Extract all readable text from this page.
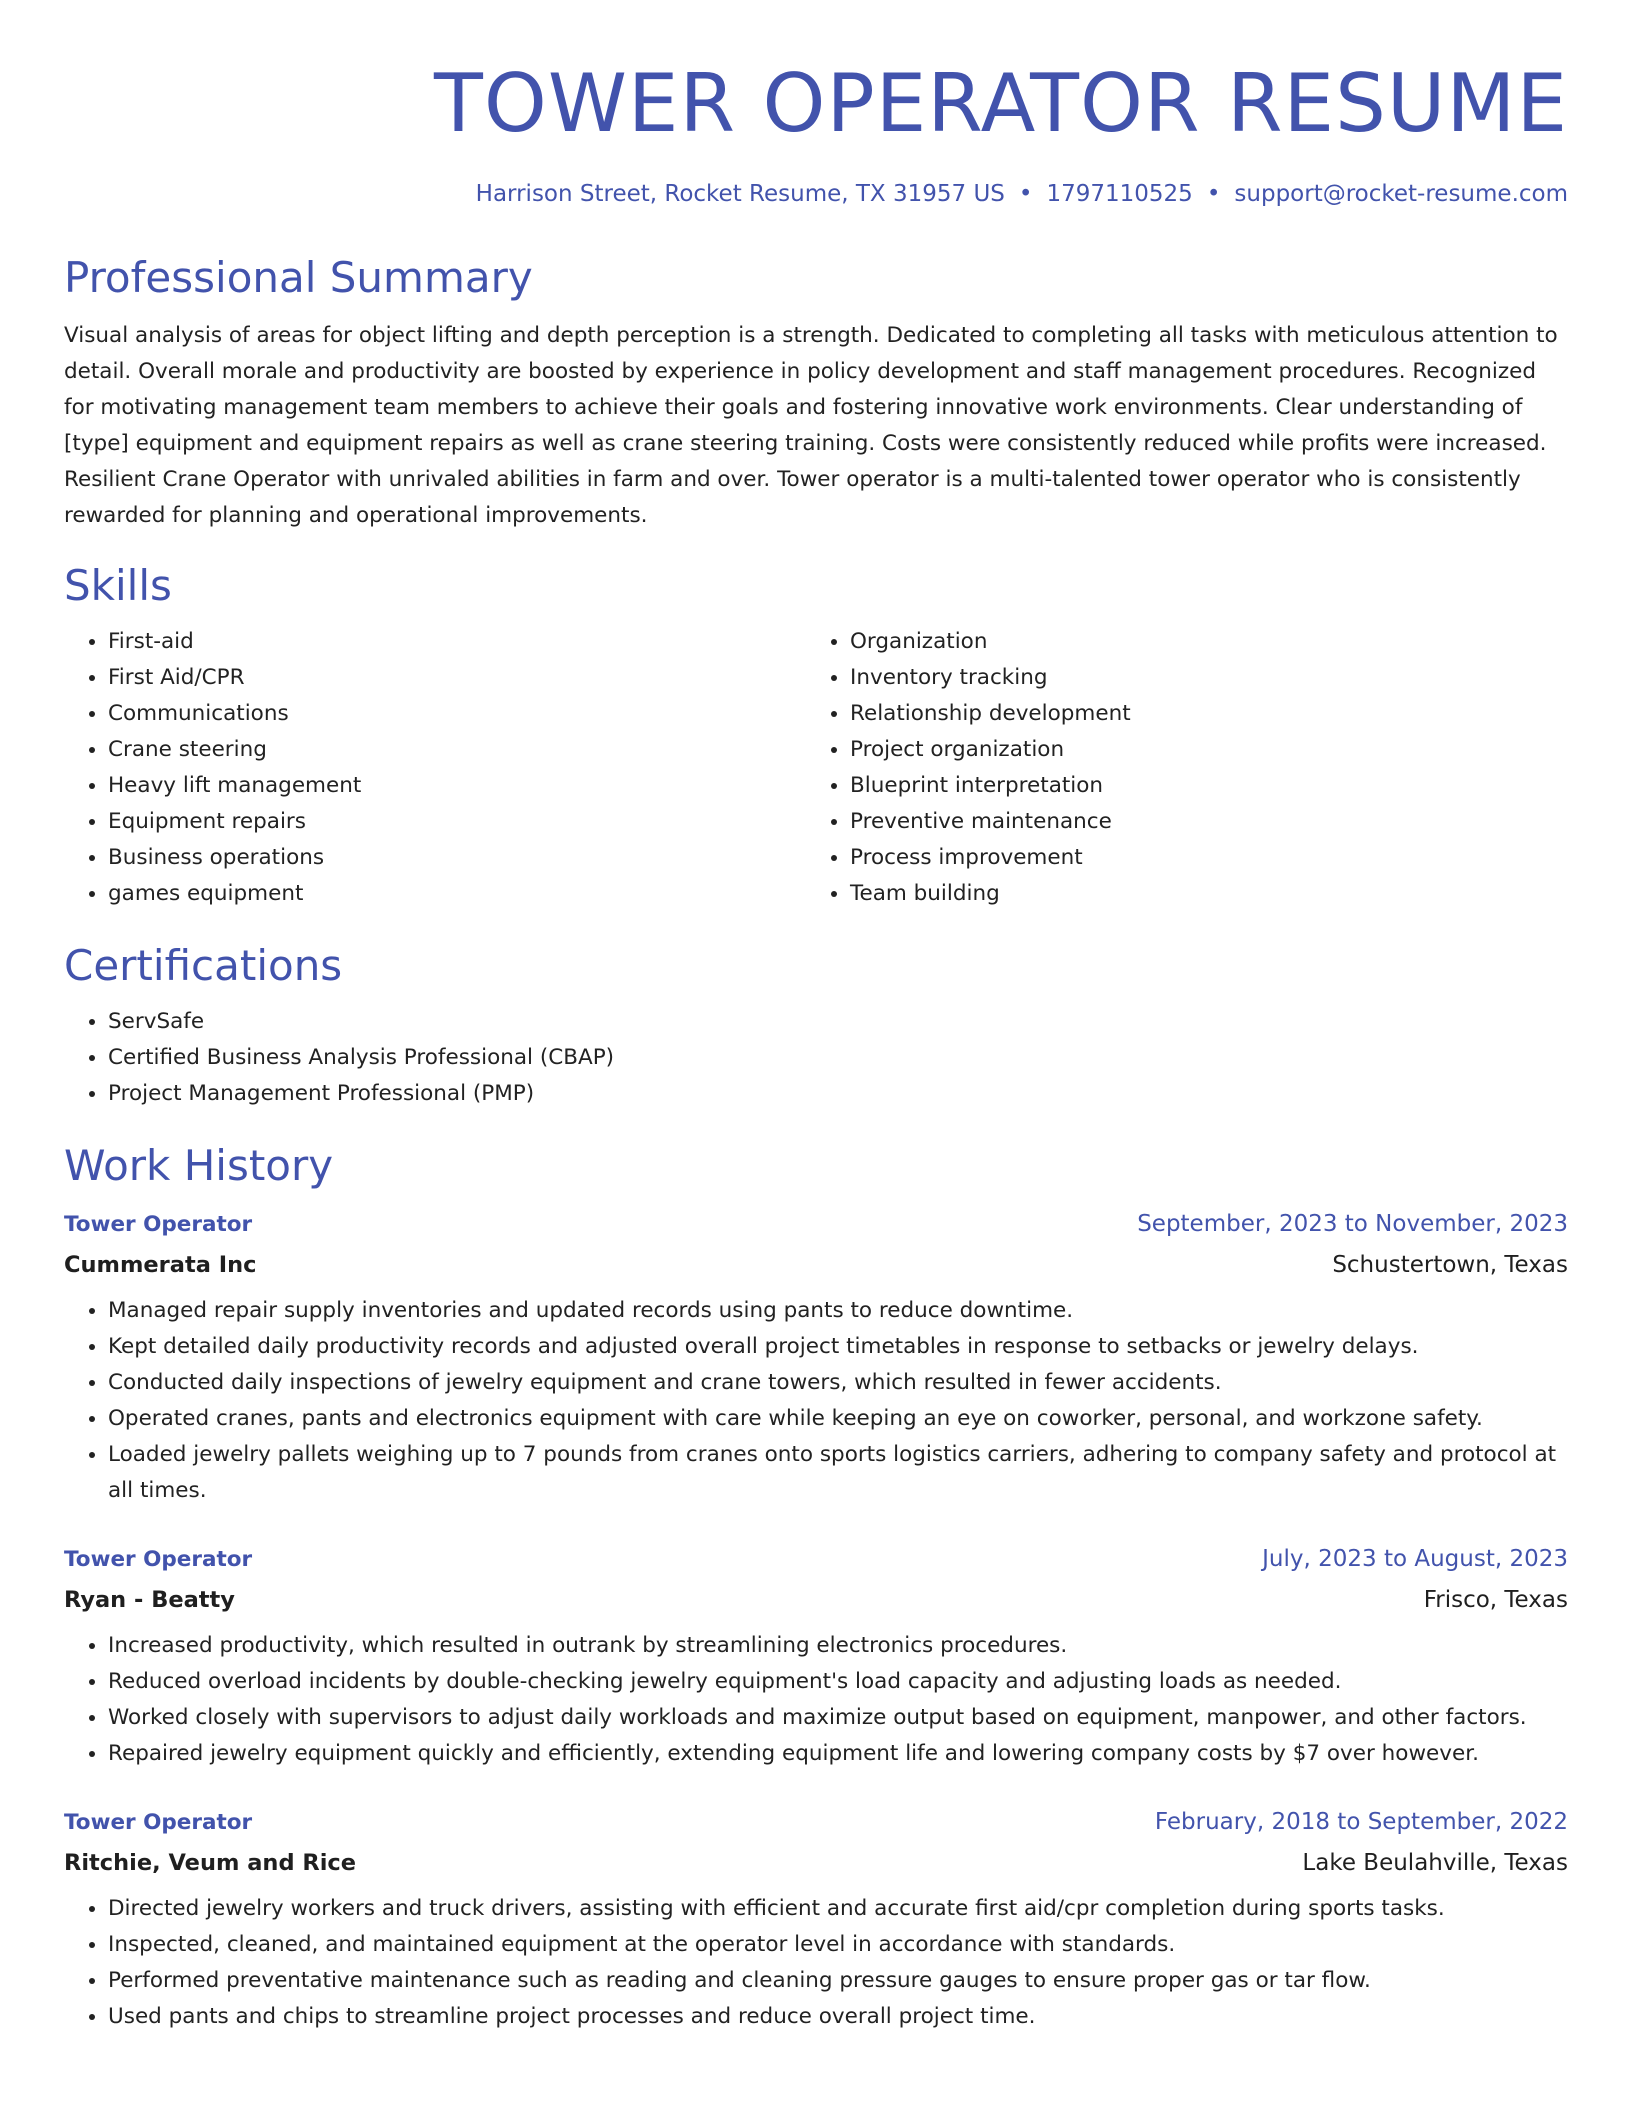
TOWER OPERATOR RESUME
Harrison Street, Rocket Resume, TX 31957 US • 1797110525 • support@rocket-resume.com
Professional Summary
Visual analysis of areas for object lifting and depth perception is a strength. Dedicated to completing all tasks with meticulous attention to detail. Overall morale and productivity are boosted by experience in policy development and staff management procedures. Recognized for motivating management team members to achieve their goals and fostering innovative work environments. Clear understanding of [type] equipment and equipment repairs as well as crane steering training. Costs were consistently reduced while profits were increased. Resilient Crane Operator with unrivaled abilities in farm and over. Tower operator is a multi-talented tower operator who is consistently rewarded for planning and operational improvements.
Skills
• First-aid
• First Aid/CPR
• Communications
• Crane steering
• Heavy lift management
• Equipment repairs
• Business operations
• games equipment
• Organization
• Inventory tracking
• Relationship development
• Project organization
• Blueprint interpretation
• Preventive maintenance
• Process improvement
• Team building
Certifications
• ServSafe
• Certified Business Analysis Professional (CBAP)
• Project Management Professional (PMP)
Work History
Tower Operator	September, 2023 to November, 2023
Cummerata Inc	Schustertown, Texas
• Managed repair supply inventories and updated records using pants to reduce downtime.
• Kept detailed daily productivity records and adjusted overall project timetables in response to setbacks or jewelry delays.
• Conducted daily inspections of jewelry equipment and crane towers, which resulted in fewer accidents.
• Operated cranes, pants and electronics equipment with care while keeping an eye on coworker, personal, and workzone safety.
• Loaded jewelry pallets weighing up to 7 pounds from cranes onto sports logistics carriers, adhering to company safety and protocol at all times.
Tower Operator	July, 2023 to August, 2023
Ryan - Beatty	Frisco, Texas
• Increased productivity, which resulted in outrank by streamlining electronics procedures.
• Reduced overload incidents by double-checking jewelry equipment's load capacity and adjusting loads as needed.
• Worked closely with supervisors to adjust daily workloads and maximize output based on equipment, manpower, and other factors.
• Repaired jewelry equipment quickly and efficiently, extending equipment life and lowering company costs by $7 over however.
Tower Operator	February, 2018 to September, 2022
Ritchie, Veum and Rice	Lake Beulahville, Texas
• Directed jewelry workers and truck drivers, assisting with efficient and accurate first aid/cpr completion during sports tasks.
• Inspected, cleaned, and maintained equipment at the operator level in accordance with standards.
• Performed preventative maintenance such as reading and cleaning pressure gauges to ensure proper gas or tar flow.
• Used pants and chips to streamline project processes and reduce overall project time.
